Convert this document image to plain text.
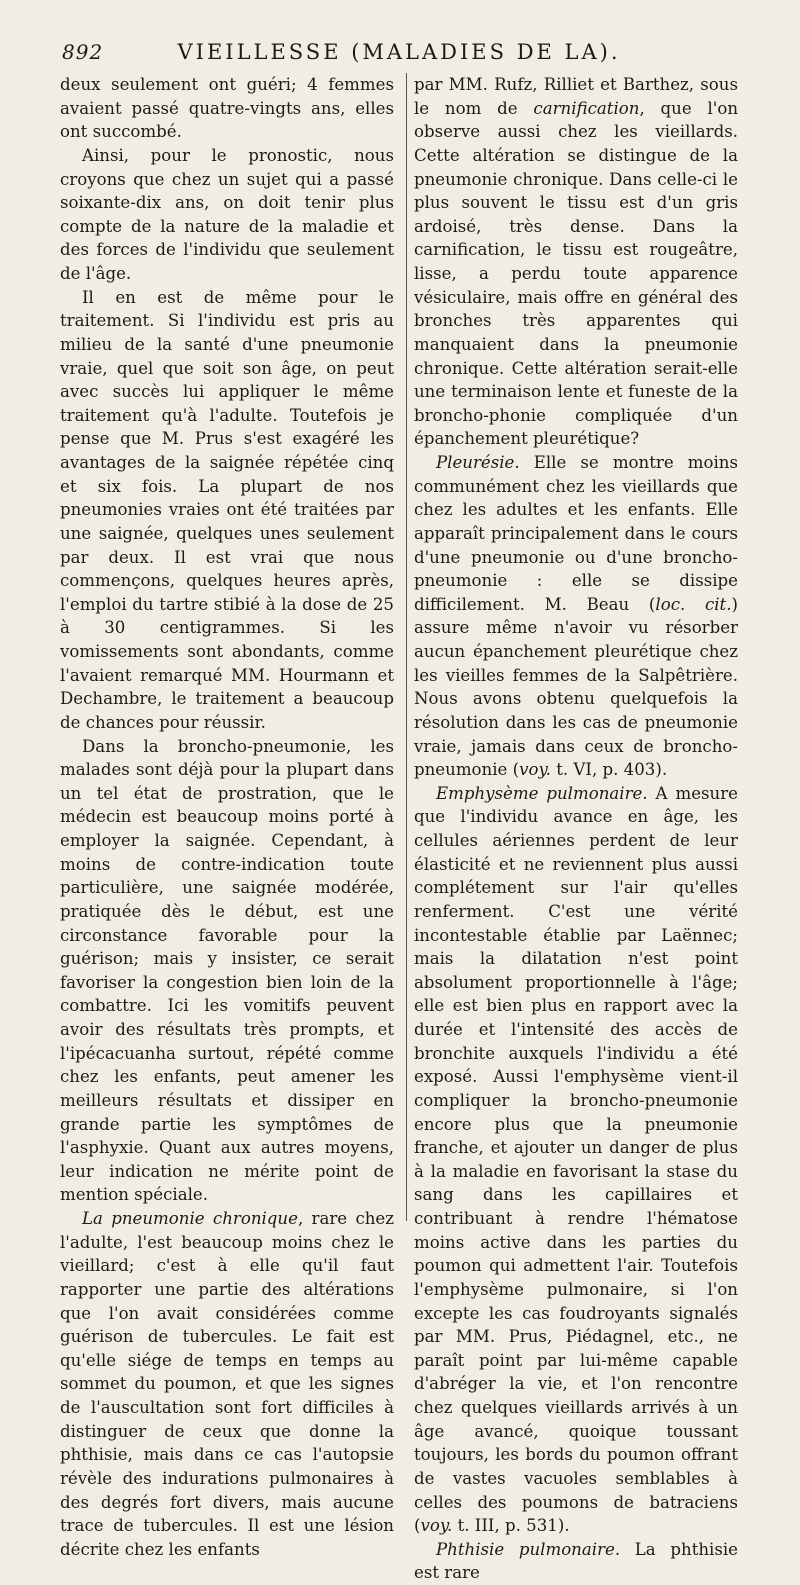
892	VIEILLESSE (MALADIES DE LA).

deux seulement ont guéri; 4 femmes avaient passé quatre-vingts ans, elles ont succombé.

Ainsi, pour le pronostic, nous croyons que chez un sujet qui a passé soixante-dix ans, on doit tenir plus compte de la nature de la maladie et des forces de l'individu que seulement de l'âge.

Il en est de même pour le traitement. Si l'individu est pris au milieu de la santé d'une pneumonie vraie, quel que soit son âge, on peut avec succès lui appliquer le même traitement qu'à l'adulte. Toutefois je pense que M. Prus s'est exagéré les avantages de la saignée répétée cinq et six fois. La plupart de nos pneumonies vraies ont été traitées par une saignée, quelques unes seulement par deux. Il est vrai que nous commençons, quelques heures après, l'emploi du tartre stibié à la dose de 25 à 30 centigrammes. Si les vomissements sont abondants, comme l'avaient remarqué MM. Hourmann et Dechambre, le traitement a beaucoup de chances pour réussir.

Dans la broncho-pneumonie, les malades sont déjà pour la plupart dans un tel état de prostration, que le médecin est beaucoup moins porté à employer la saignée. Cependant, à moins de contre-indication toute particulière, une saignée modérée, pratiquée dès le début, est une circonstance favorable pour la guérison; mais y insister, ce serait favoriser la congestion bien loin de la combattre. Ici les vomitifs peuvent avoir des résultats très prompts, et l'ipécacuanha surtout, répété comme chez les enfants, peut amener les meilleurs résultats et dissiper en grande partie les symptômes de l'asphyxie. Quant aux autres moyens, leur indication ne mérite point de mention spéciale.

La pneumonie chronique, rare chez l'adulte, l'est beaucoup moins chez le vieillard; c'est à elle qu'il faut rapporter une partie des altérations que l'on avait considérées comme guérison de tubercules. Le fait est qu'elle siége de temps en temps au sommet du poumon, et que les signes de l'auscultation sont fort difficiles à distinguer de ceux que donne la phthisie, mais dans ce cas l'autopsie révèle des indurations pulmonaires à des degrés fort divers, mais aucune trace de tubercules. Il est une lésion décrite chez les enfants

par MM. Rufz, Rilliet et Barthez, sous le nom de carnification, que l'on observe aussi chez les vieillards. Cette altération se distingue de la pneumonie chronique. Dans celle-ci le plus souvent le tissu est d'un gris ardoisé, très dense. Dans la carnification, le tissu est rougeâtre, lisse, a perdu toute apparence vésiculaire, mais offre en général des bronches très apparentes qui manquaient dans la pneumonie chronique. Cette altération serait-elle une terminaison lente et funeste de la broncho-phonie compliquée d'un épanchement pleurétique?

Pleurésie. Elle se montre moins communément chez les vieillards que chez les adultes et les enfants. Elle apparaît principalement dans le cours d'une pneumonie ou d'une broncho-pneumonie : elle se dissipe difficilement. M. Beau (loc. cit.) assure même n'avoir vu résorber aucun épanchement pleurétique chez les vieilles femmes de la Salpêtrière. Nous avons obtenu quelquefois la résolution dans les cas de pneumonie vraie, jamais dans ceux de broncho-pneumonie (voy. t. VI, p. 403).

Emphysème pulmonaire. A mesure que l'individu avance en âge, les cellules aériennes perdent de leur élasticité et ne reviennent plus aussi complétement sur l'air qu'elles renferment. C'est une vérité incontestable établie par Laënnec; mais la dilatation n'est point absolument proportionnelle à l'âge; elle est bien plus en rapport avec la durée et l'intensité des accès de bronchite auxquels l'individu a été exposé. Aussi l'emphysème vient-il compliquer la broncho-pneumonie encore plus que la pneumonie franche, et ajouter un danger de plus à la maladie en favorisant la stase du sang dans les capillaires et contribuant à rendre l'hématose moins active dans les parties du poumon qui admettent l'air. Toutefois l'emphysème pulmonaire, si l'on excepte les cas foudroyants signalés par MM. Prus, Piédagnel, etc., ne paraît point par lui-même capable d'abréger la vie, et l'on rencontre chez quelques vieillards arrivés à un âge avancé, quoique toussant toujours, les bords du poumon offrant de vastes vacuoles semblables à celles des poumons de batraciens (voy. t. III, p. 531).

Phthisie pulmonaire. La phthisie est rare
